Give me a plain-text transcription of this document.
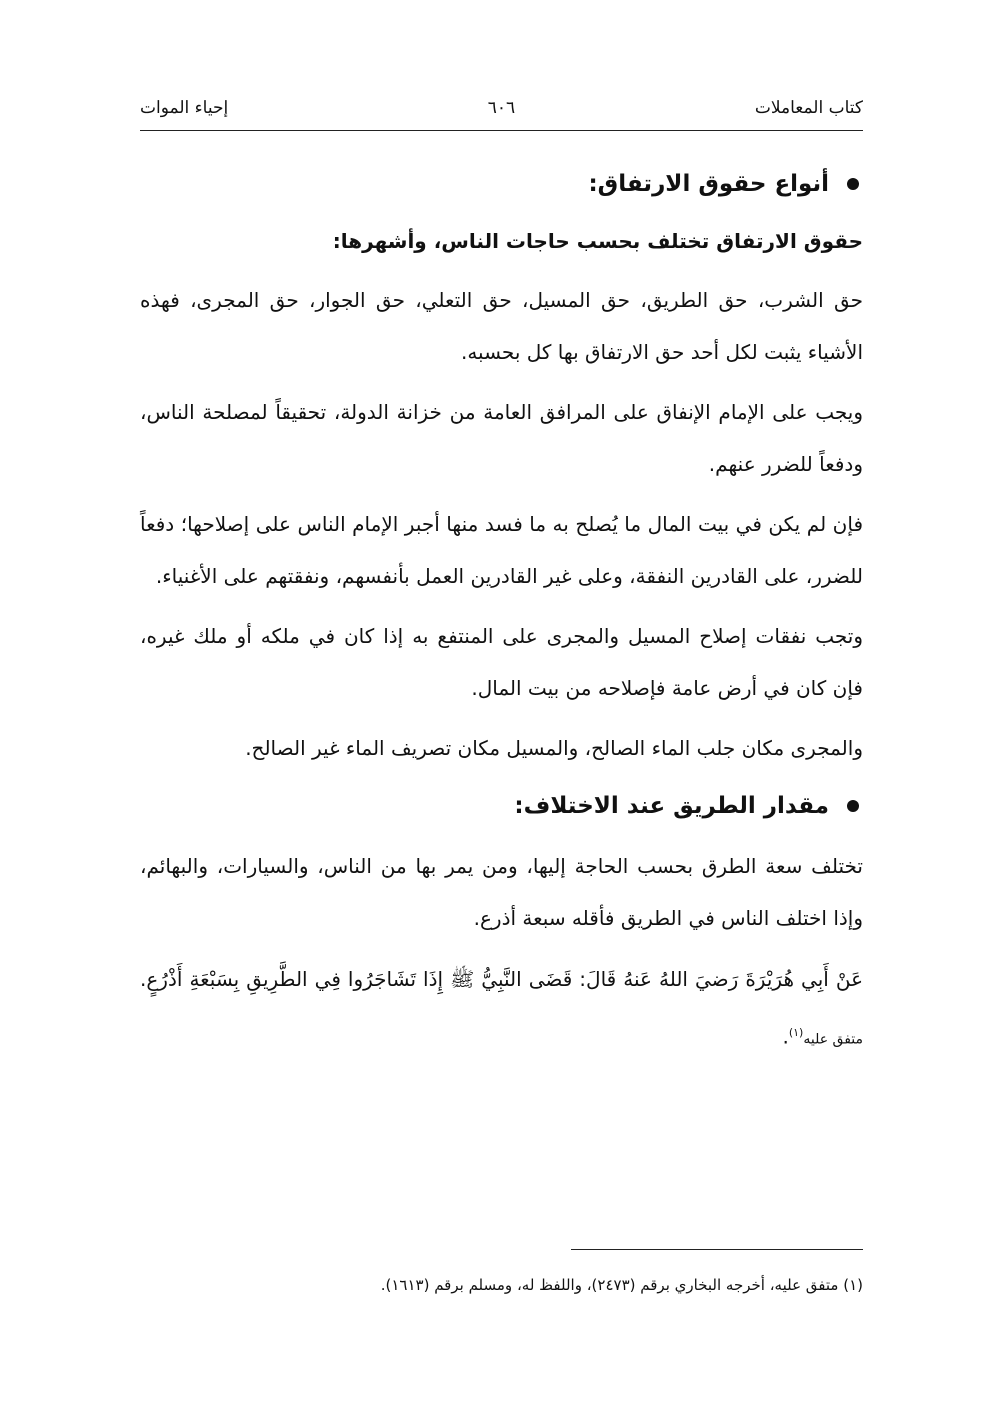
كتاب المعاملات
٦٠٦
إحياء الموات
أنواع حقوق الارتفاق:
حقوق الارتفاق تختلف بحسب حاجات الناس، وأشهرها:

حق الشرب، حق الطريق، حق المسيل، حق التعلي، حق الجوار، حق المجرى، فهذه الأشياء يثبت لكل أحد حق الارتفاق بها كل بحسبه.

ويجب على الإمام الإنفاق على المرافق العامة من خزانة الدولة، تحقيقاً لمصلحة الناس، ودفعاً للضرر عنهم.

فإن لم يكن في بيت المال ما يُصلح به ما فسد منها أجبر الإمام الناس على إصلاحها؛ دفعاً للضرر، على القادرين النفقة، وعلى غير القادرين العمل بأنفسهم، ونفقتهم على الأغنياء.

وتجب نفقات إصلاح المسيل والمجرى على المنتفع به إذا كان في ملكه أو ملك غيره، فإن كان في أرض عامة فإصلاحه من بيت المال.

والمجرى مكان جلب الماء الصالح، والمسيل مكان تصريف الماء غير الصالح.

مقدار الطريق عند الاختلاف:

تختلف سعة الطرق بحسب الحاجة إليها، ومن يمر بها من الناس، والسيارات، والبهائم، وإذا اختلف الناس في الطريق فأقله سبعة أذرع.

عَنْ أَبِي هُرَيْرَةَ رَضيَ اللهُ عَنهُ قَالَ: قَضَى النَّبِيُّ ﷺ إِذَا تَشَاجَرُوا فِي الطَّرِيقِ بِسَبْعَةِ أَذْرُعٍ. متفق عليه$^{(١)}$.

(١) متفق عليه، أخرجه البخاري برقم (٢٤٧٣)، واللفظ له، ومسلم برقم (١٦١٣).
